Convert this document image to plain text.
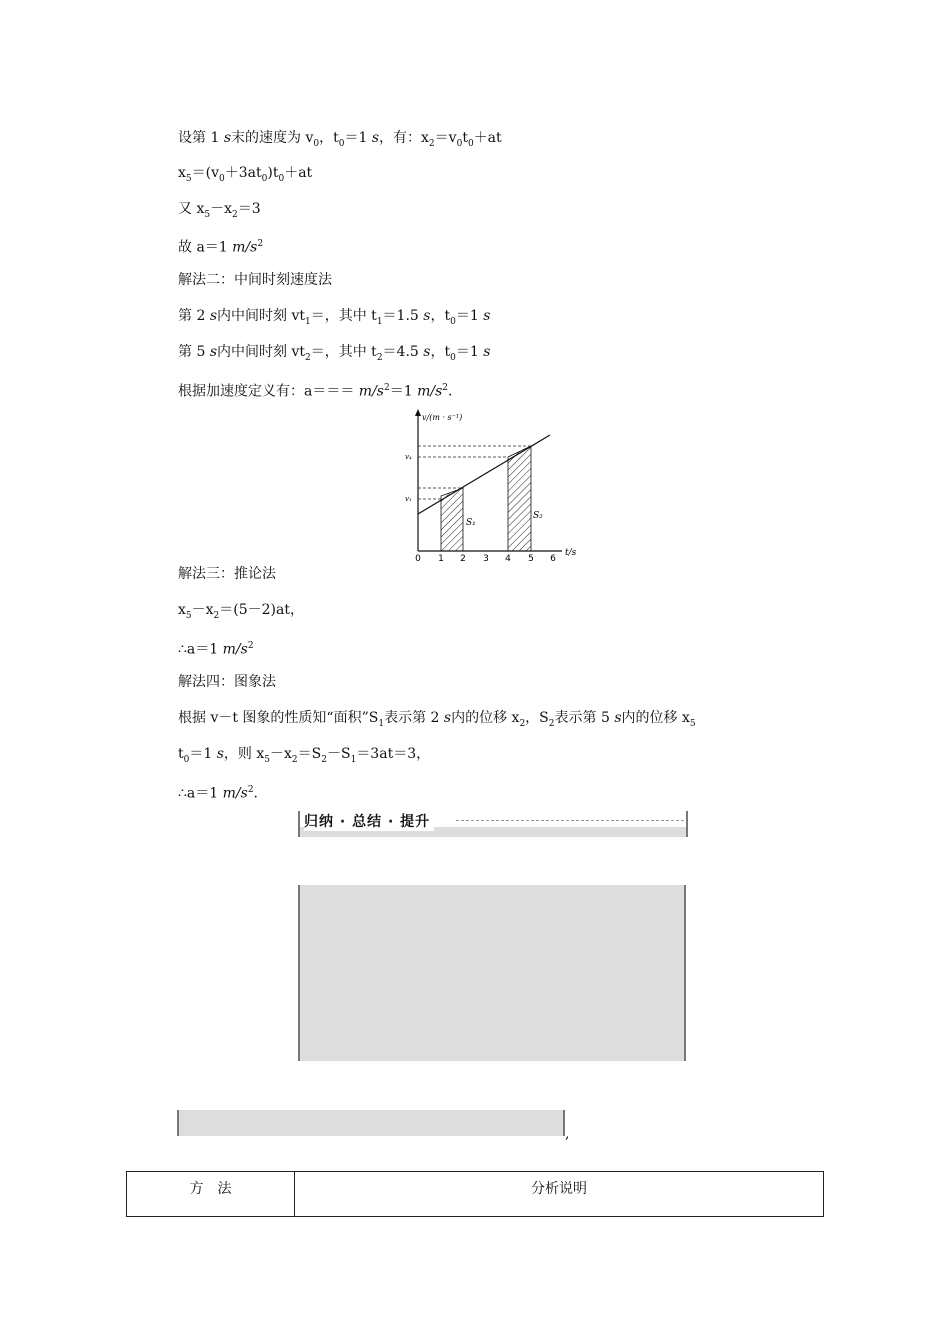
设第 1 s末的速度为 $v_0$，$t_0=1$ s，有：$x_2=v_0t_0+at$
$x_5=(v_0+3at_0)t_0+at$
又 $x_5-x_2=3$
故 a＝1 $m/s^2$
解法二：中间时刻速度法
第 2 s内中间时刻 $vt_1=$，其中 $t_1=1.5$ s，$t_0=1$ s
第 5 s内中间时刻 $vt_2=$，其中 $t_2=4.5$ s，$t_0=1$ s
根据加速度定义有：$a=== m/s^2=1$ $m/s^2$.
v/(m · s⁻¹)
t/s
0 1 2 3 4 5 6
v₁
v₄
S₁
S₂
解法三：推论法
$x_5-x_2=(5-2)at$，
∴a＝1 $m/s^2$
解法四：图象法
根据 v－t 图象的性质知“面积$”S_1$表示第 2 s内的位移 $x_2$，$S_2$表示第 5 s内的位移 $x_5$
$t_0=1$ s，则 $x_5-x_2=S_2-S_1=3at=3$，
∴a＝1 $m/s^2$.
归纳 · 总结 · 提升
,
方　法	分析说明
